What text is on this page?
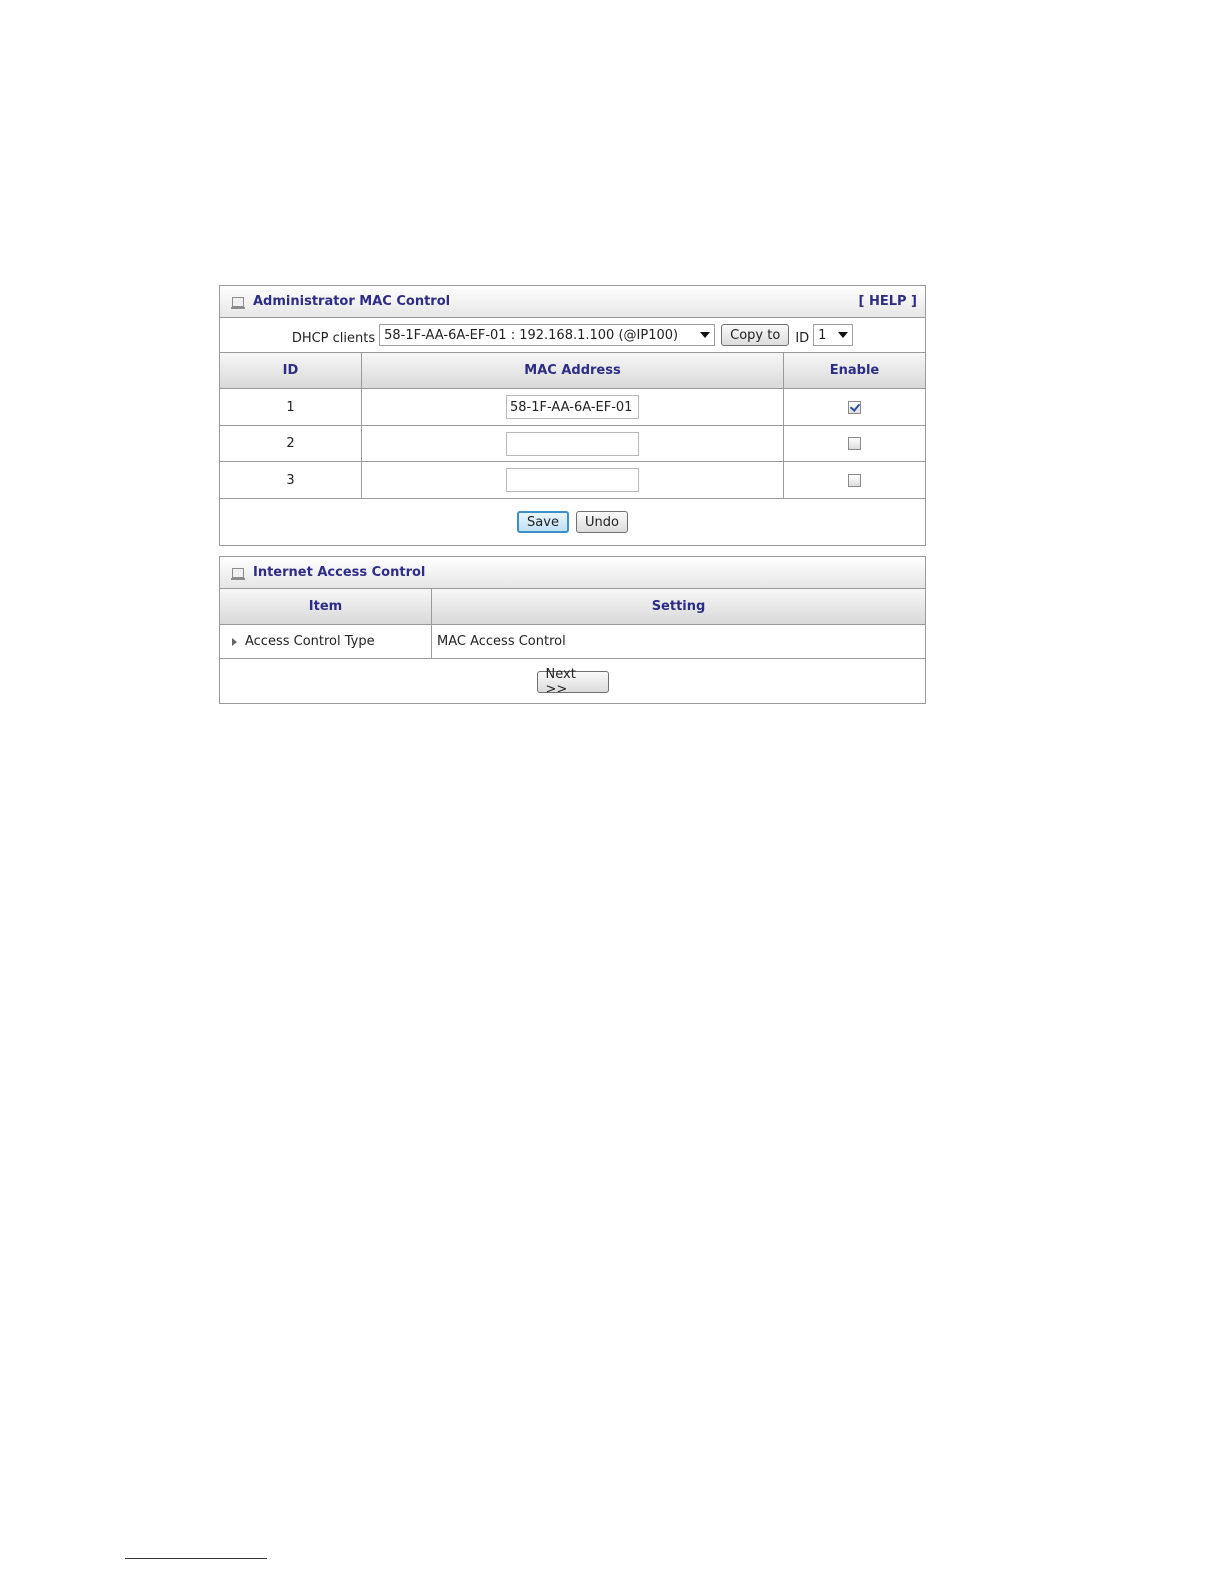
Administrator MAC Control	[ HELP ]
DHCP clients 58-1F-AA-6A-EF-01 : 192.168.1.100 (@IP100)	Copy to	ID 1
ID	MAC Address	Enable
1	58-1F-AA-6A-EF-01
2
3
Save	Undo
Internet Access Control
Item	Setting
Access Control Type	MAC Access Control
Next >>
